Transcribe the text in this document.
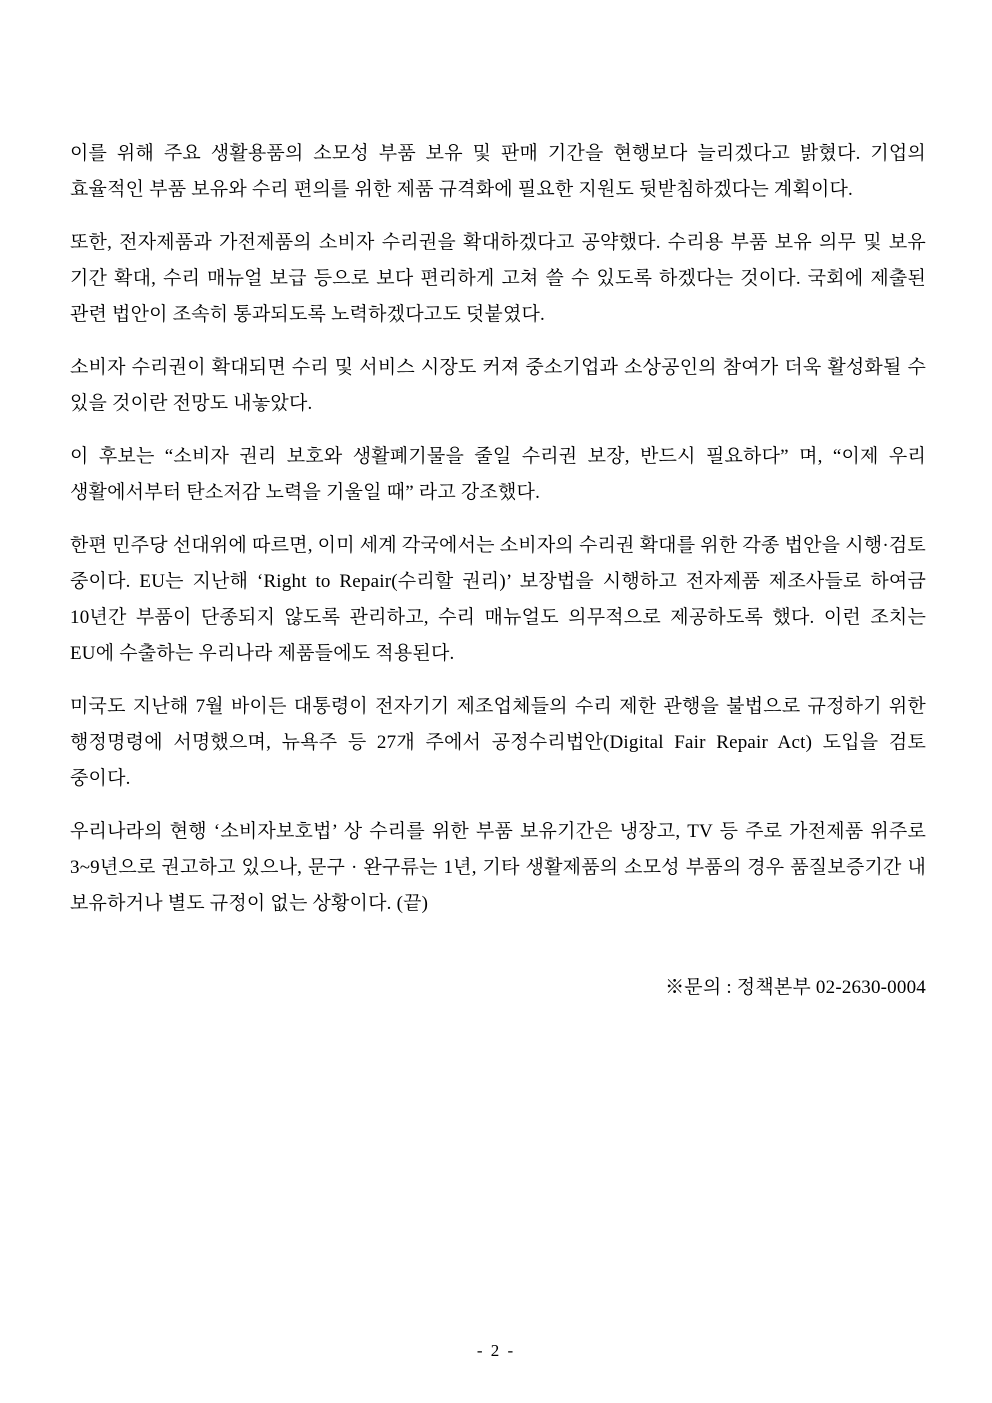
이를 위해 주요 생활용품의 소모성 부품 보유 및 판매 기간을 현행보다 늘리겠다고 밝혔다. 기업의 효율적인 부품 보유와 수리 편의를 위한 제품 규격화에 필요한 지원도 뒷받침하겠다는 계획이다.

또한, 전자제품과 가전제품의 소비자 수리권을 확대하겠다고 공약했다. 수리용 부품 보유 의무 및 보유 기간 확대, 수리 매뉴얼 보급 등으로 보다 편리하게 고쳐 쓸 수 있도록 하겠다는 것이다. 국회에 제출된 관련 법안이 조속히 통과되도록 노력하겠다고도 덧붙였다.

소비자 수리권이 확대되면 수리 및 서비스 시장도 커져 중소기업과 소상공인의 참여가 더욱 활성화될 수 있을 것이란 전망도 내놓았다.

이 후보는 “소비자 권리 보호와 생활폐기물을 줄일 수리권 보장, 반드시 필요하다” 며, “이제 우리 생활에서부터 탄소저감 노력을 기울일 때” 라고 강조했다.

한편 민주당 선대위에 따르면, 이미 세계 각국에서는 소비자의 수리권 확대를 위한 각종 법안을 시행·검토 중이다. EU는 지난해 ‘Right to Repair(수리할 권리)’ 보장법을 시행하고 전자제품 제조사들로 하여금 10년간 부품이 단종되지 않도록 관리하고, 수리 매뉴얼도 의무적으로 제공하도록 했다. 이런 조치는 EU에 수출하는 우리나라 제품들에도 적용된다.

미국도 지난해 7월 바이든 대통령이 전자기기 제조업체들의 수리 제한 관행을 불법으로 규정하기 위한 행정명령에 서명했으며, 뉴욕주 등 27개 주에서 공정수리법안(Digital Fair Repair Act) 도입을 검토 중이다.

우리나라의 현행 ‘소비자보호법’ 상 수리를 위한 부품 보유기간은 냉장고, TV 등 주로 가전제품 위주로 3~9년으로 권고하고 있으나, 문구 · 완구류는 1년, 기타 생활제품의 소모성 부품의 경우 품질보증기간 내 보유하거나 별도 규정이 없는 상황이다. (끝)

※문의 : 정책본부 02-2630-0004

- 2 -
